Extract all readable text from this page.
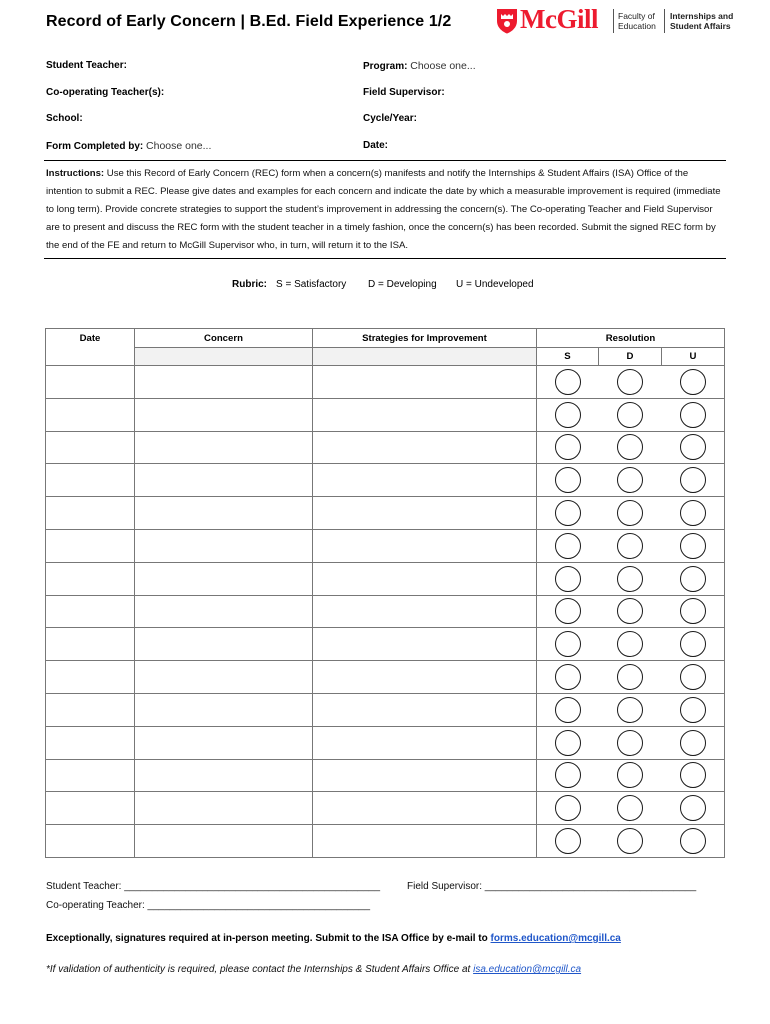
Record of Early Concern | B.Ed. Field Experience 1/2	McGill Faculty of Education
Internships and Student Affairs
Student Teacher:	Program: Choose one...
Co-operating Teacher(s):	Field Supervisor:
School:	Cycle/Year:
Form Completed by: Choose one...	Date:
Instructions: Use this Record of Early Concern (REC) form when a concern(s) manifests and notify the Internships & Student Affairs (ISA) Office of the intention to submit a REC. Please give dates and examples for each concern and indicate the date by which a measurable improvement is required (immediate to long term). Provide concrete strategies to support the student’s improvement in addressing the concern(s). The Co-operating Teacher and Field Supervisor are to present and discuss the REC form with the student teacher in a timely fashion, once the concern(s) has been recorded. Submit the signed REC form by the end of the FE and return to McGill Supervisor who, in turn, will return it to the ISA.
Rubric: S = Satisfactory D = Developing U = Undeveloped
Date	Concern	Strategies for Improvement	Resolution		
			S	D	U

Student Teacher: ______________________________________________	Field Supervisor: ______________________________________
Co-operating Teacher: ________________________________________
Exceptionally, signatures required at in-person meeting. Submit to the ISA Office by e-mail to forms.education@mcgill.ca
*If validation of authenticity is required, please contact the Internships & Student Affairs Office at isa.education@mcgill.ca
